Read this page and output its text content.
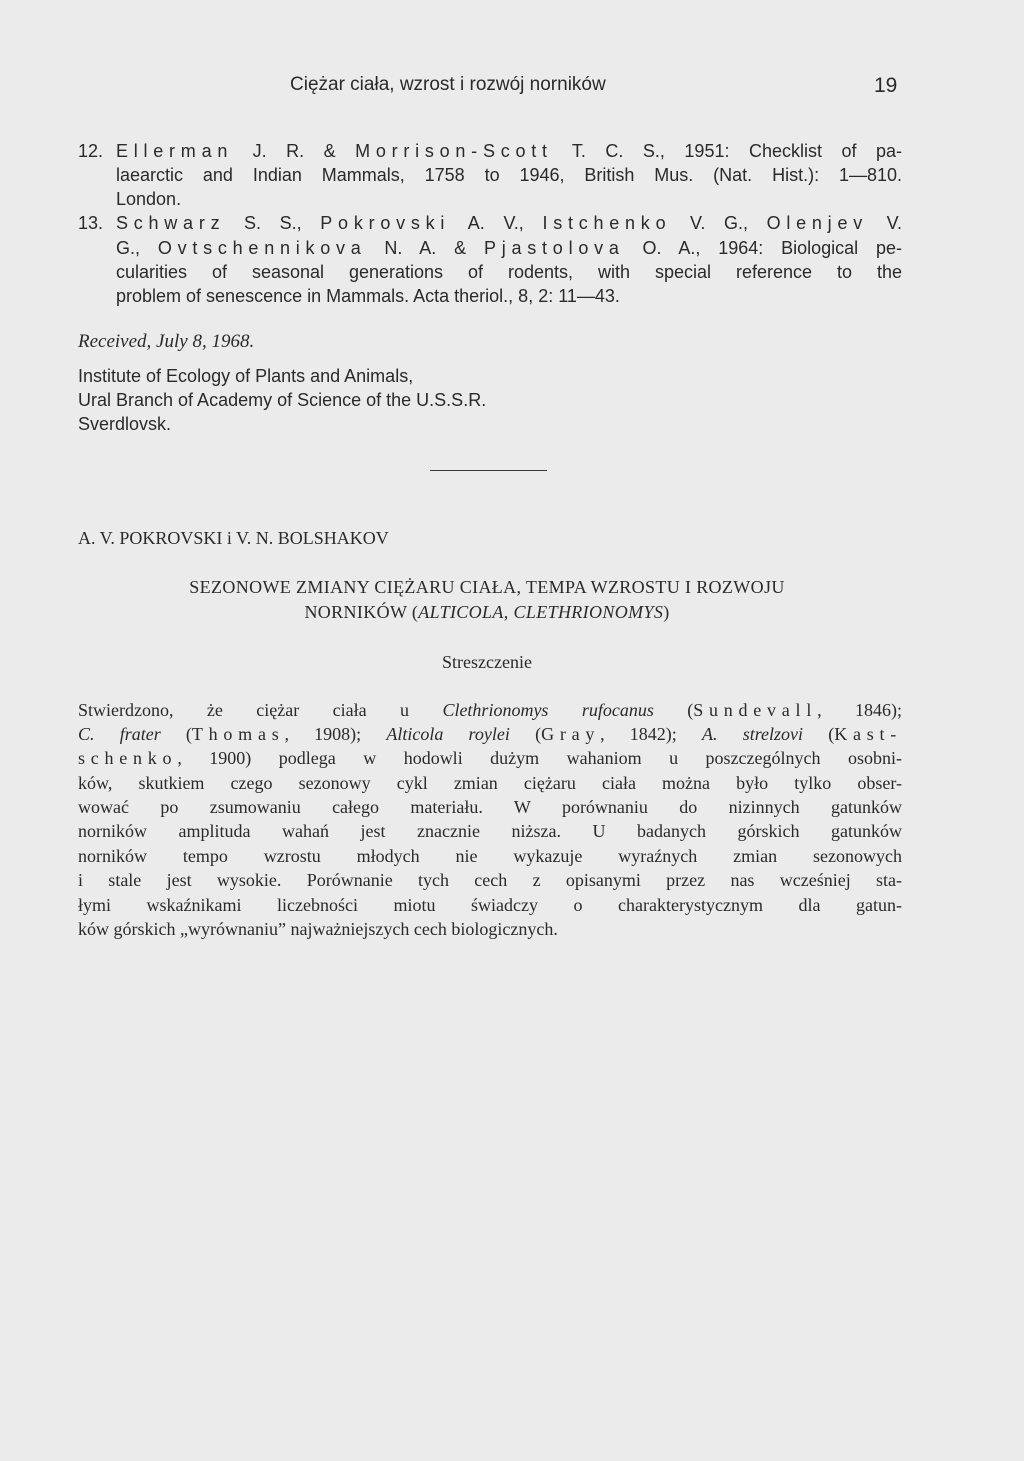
Ciężar ciała, wzrost i rozwój norników	19
12. Ellerman J. R. & Morrison-Scott T. C. S., 1951: Checklist of pa-
laearctic and Indian Mammals, 1758 to 1946, British Mus. (Nat. Hist.): 1—810.
London.
13. Schwarz S. S., Pokrovski A. V., Istchenko V. G., Olenjev V.
G., Ovtschennikova N. A. & Pjastolova O. A., 1964: Biological pe-
cularities of seasonal generations of rodents, with special reference to the
problem of senescence in Mammals. Acta theriol., 8, 2: 11—43.
Received, July 8, 1968.
Institute of Ecology of Plants and Animals,
Ural Branch of Academy of Science of the U.S.S.R.
Sverdlovsk.
A. V. POKROVSKI i V. N. BOLSHAKOV
SEZONOWE ZMIANY CIĘŻARU CIAŁA, TEMPA WZROSTU I ROZWOJU
NORNIKÓW (ALTICOLA, CLETHRIONOMYS)
Streszczenie
Stwierdzono, że ciężar ciała u Clethrionomys rufocanus (Sundevall, 1846);
C. frater (Thomas, 1908); Alticola roylei (Gray, 1842); A. strelzovi (Kast-
schenko, 1900) podlega w hodowli dużym wahaniom u poszczególnych osobni-
ków, skutkiem czego sezonowy cykl zmian ciężaru ciała można było tylko obser-
wować po zsumowaniu całego materiału. W porównaniu do nizinnych gatunków
norników amplituda wahań jest znacznie niższa. U badanych górskich gatunków
norników tempo wzrostu młodych nie wykazuje wyraźnych zmian sezonowych
i stale jest wysokie. Porównanie tych cech z opisanymi przez nas wcześniej sta-
łymi wskaźnikami liczebności miotu świadczy o charakterystycznym dla gatun-
ków górskich „wyrównaniu” najważniejszych cech biologicznych.
